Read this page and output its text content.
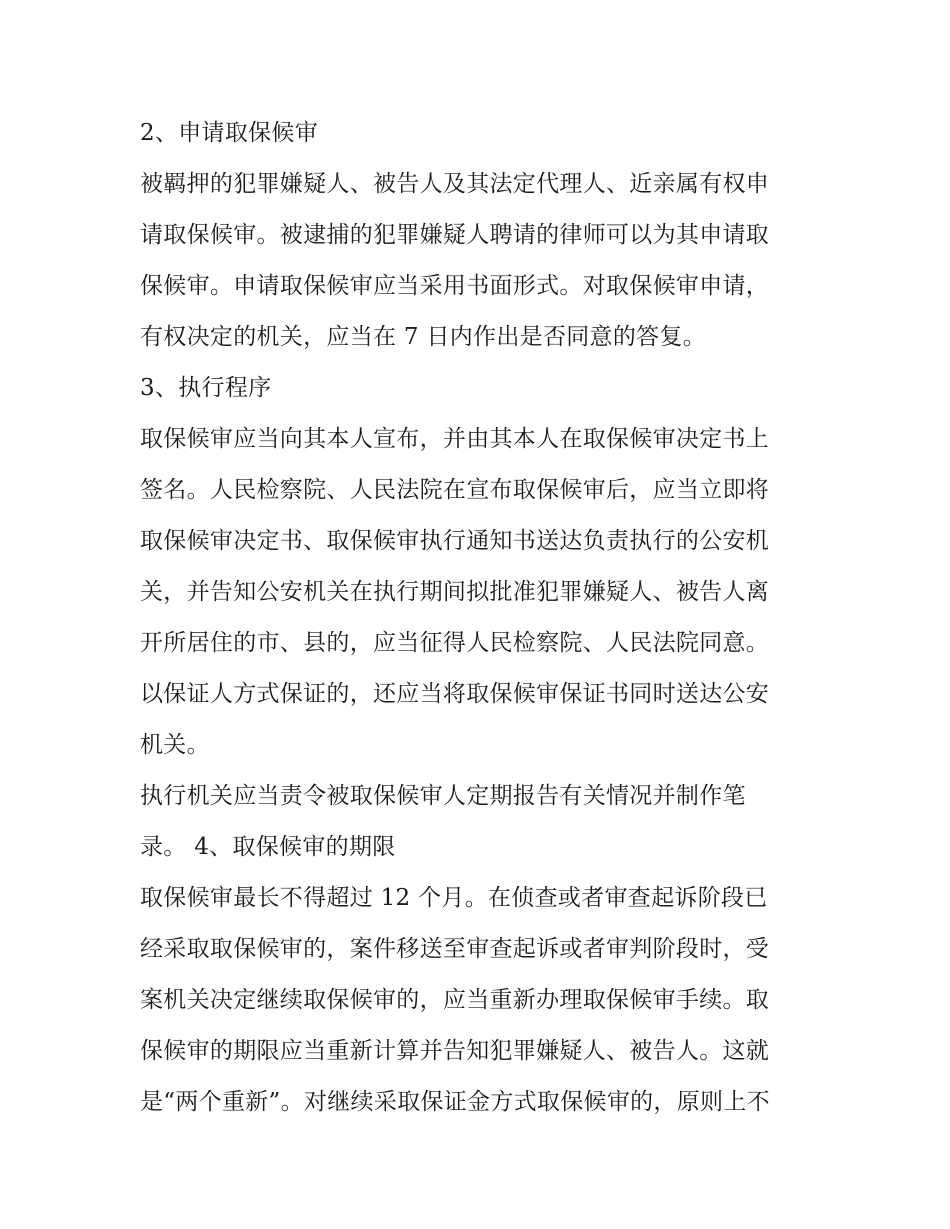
2、申请取保候审
被羁押的犯罪嫌疑人、被告人及其法定代理人、近亲属有权申
请取保候审。被逮捕的犯罪嫌疑人聘请的律师可以为其申请取
保候审。申请取保候审应当采用书面形式。对取保候审申请，
有权决定的机关，应当在 7 日内作出是否同意的答复。
3、执行程序
取保候审应当向其本人宣布，并由其本人在取保候审决定书上
签名。人民检察院、人民法院在宣布取保候审后，应当立即将
取保候审决定书、取保候审执行通知书送达负责执行的公安机
关，并告知公安机关在执行期间拟批准犯罪嫌疑人、被告人离
开所居住的市、县的，应当征得人民检察院、人民法院同意。
以保证人方式保证的，还应当将取保候审保证书同时送达公安
机关。
执行机关应当责令被取保候审人定期报告有关情况并制作笔
录。 4、取保候审的期限
取保候审最长不得超过 12 个月。在侦查或者审查起诉阶段已
经采取取保候审的，案件移送至审查起诉或者审判阶段时，受
案机关决定继续取保候审的，应当重新办理取保候审手续。取
保候审的期限应当重新计算并告知犯罪嫌疑人、被告人。这就
是“两个重新”。对继续采取保证金方式取保候审的，原则上不
